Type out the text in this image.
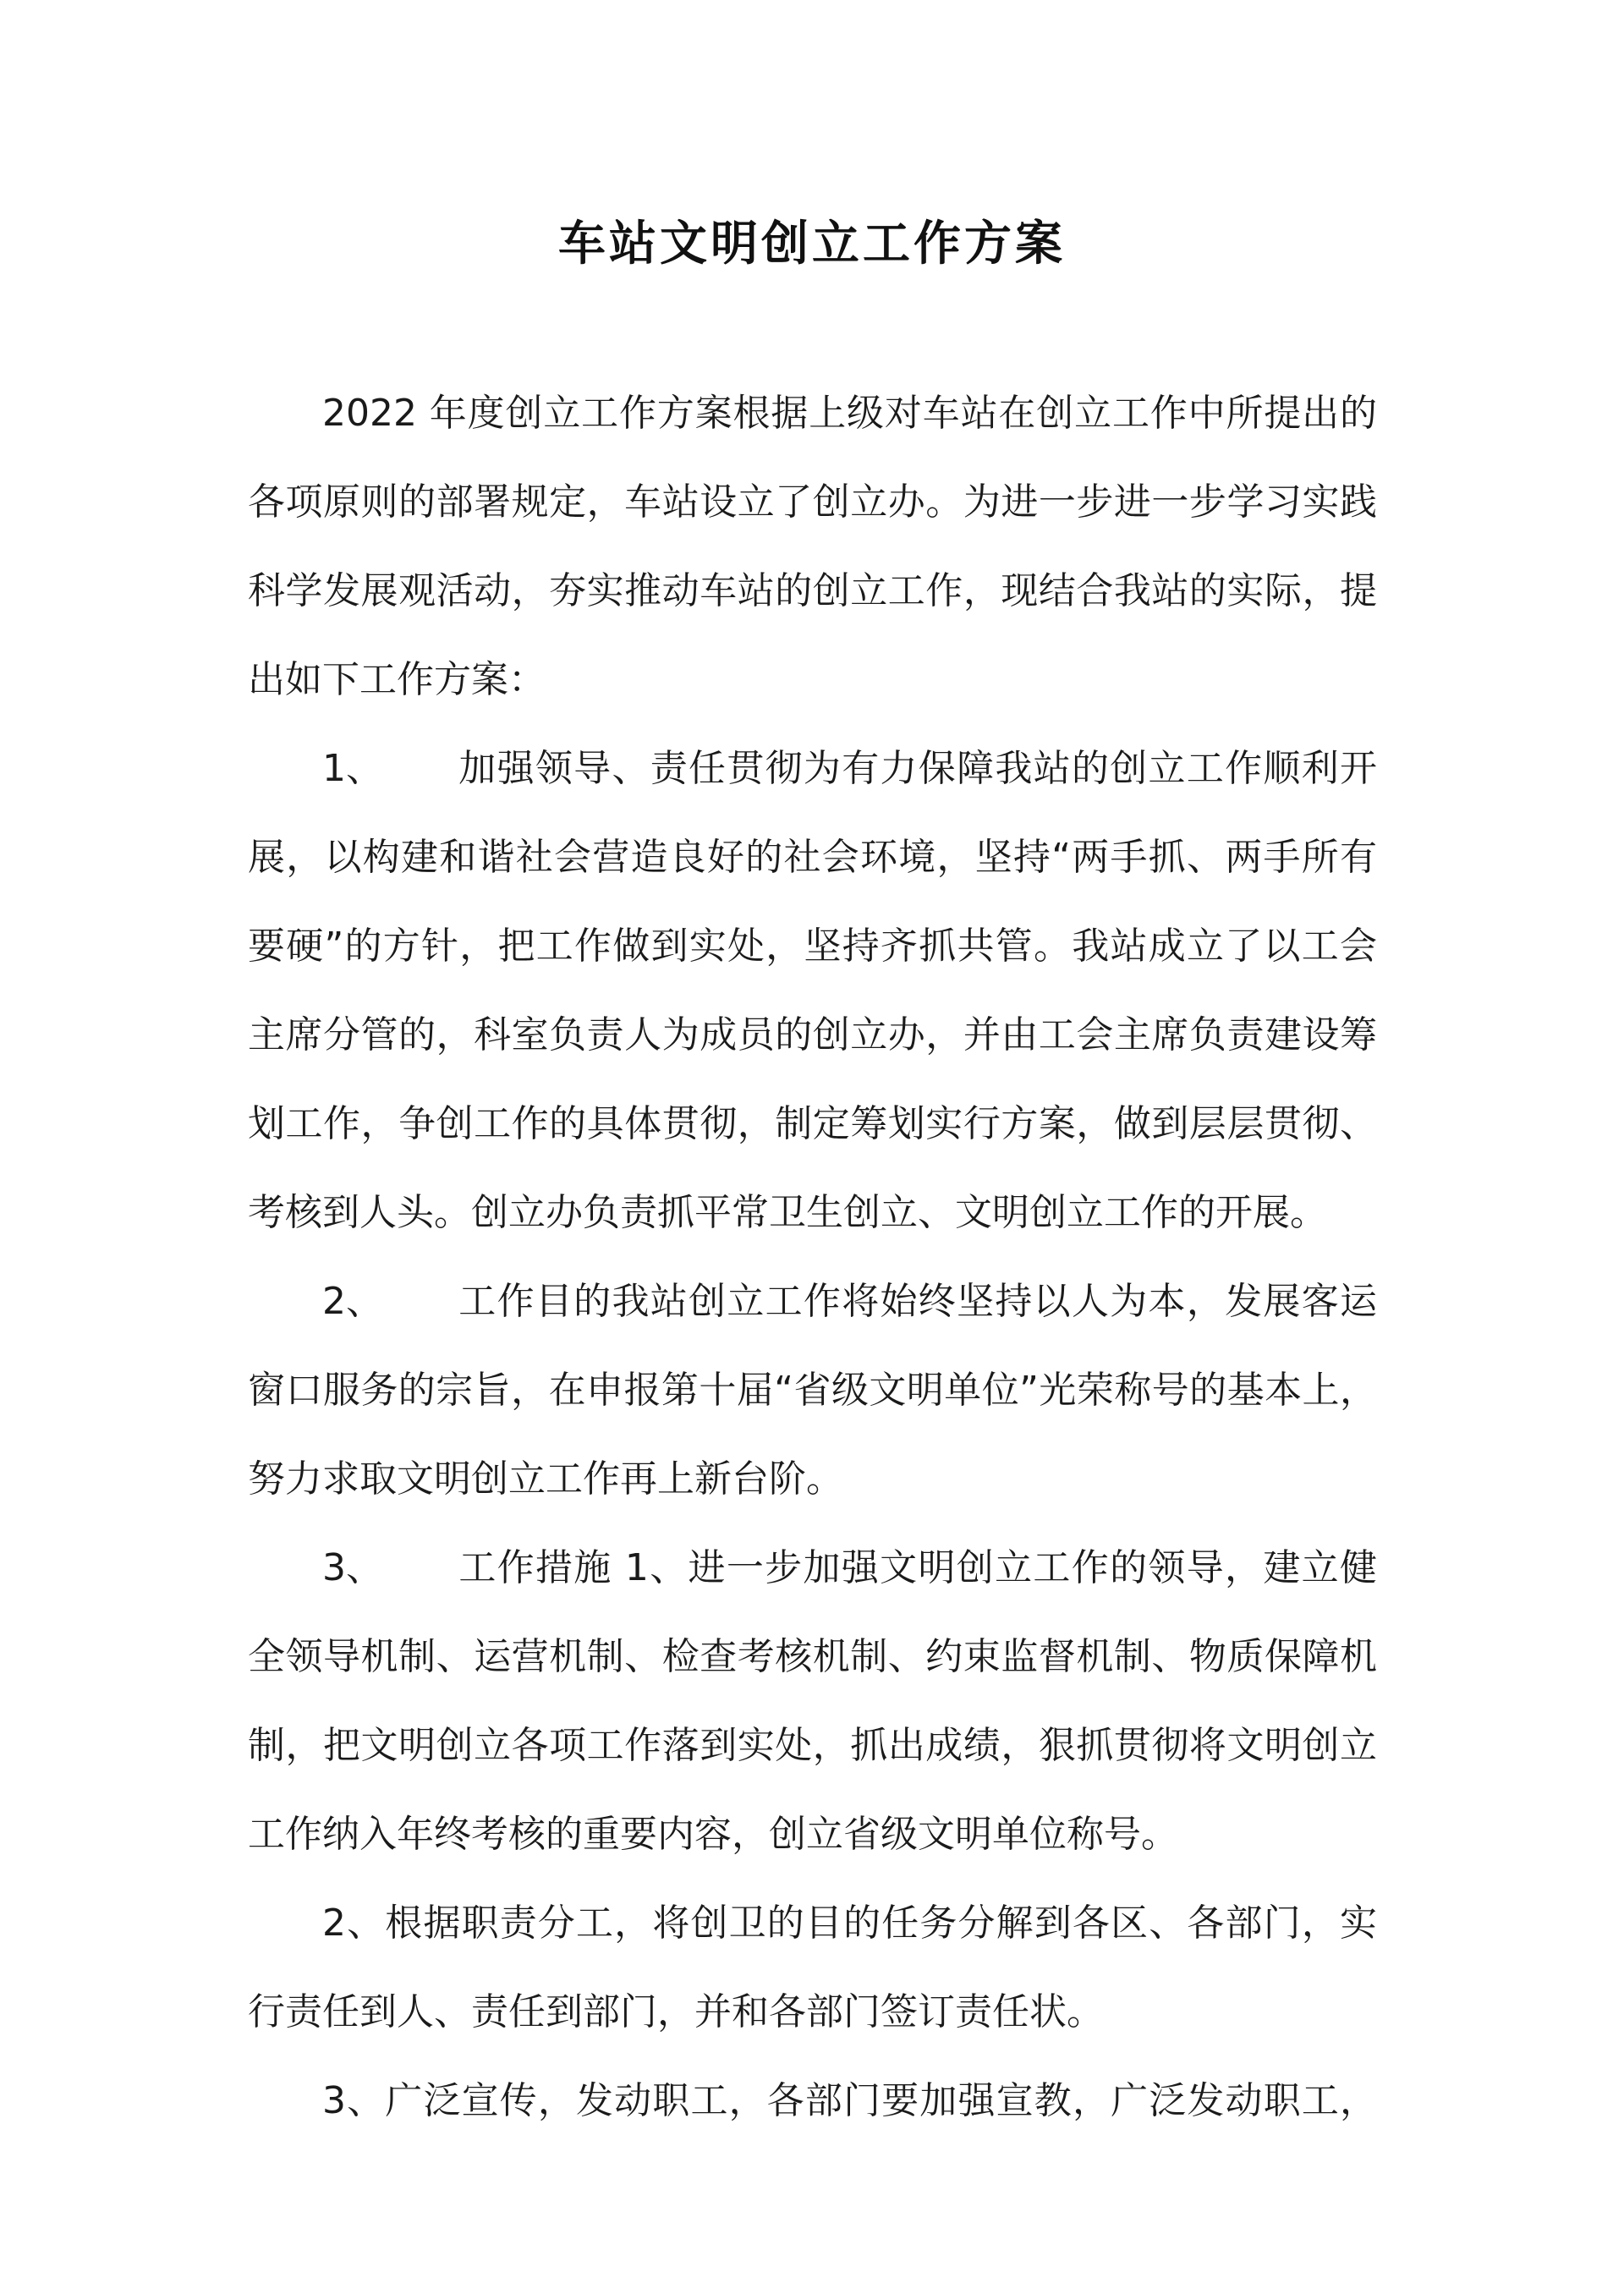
车站文明创立工作方案
2022 年度创立工作方案根据上级对车站在创立工作中所提出的
各项原则的部署规定，车站设立了创立办。为进一步进一步学习实践
科学发展观活动，夯实推动车站的创立工作，现结合我站的实际，提
出如下工作方案：
1、 加强领导、责任贯彻为有力保障我站的创立工作顺利开
展，以构建和谐社会营造良好的社会环境，坚持“两手抓、两手所有
要硬”的方针，把工作做到实处，坚持齐抓共管。我站成立了以工会
主席分管的，科室负责人为成员的创立办，并由工会主席负责建设筹
划工作，争创工作的具体贯彻，制定筹划实行方案，做到层层贯彻、
考核到人头。创立办负责抓平常卫生创立、文明创立工作的开展。
2、 工作目的我站创立工作将始终坚持以人为本，发展客运
窗口服务的宗旨，在申报第十届“省级文明单位”光荣称号的基本上，
努力求取文明创立工作再上新台阶。
3、 工作措施 1、进一步加强文明创立工作的领导，建立健
全领导机制、运营机制、检查考核机制、约束监督机制、物质保障机
制，把文明创立各项工作落到实处，抓出成绩，狠抓贯彻将文明创立
工作纳入年终考核的重要内容，创立省级文明单位称号。
2、根据职责分工，将创卫的目的任务分解到各区、各部门，实
行责任到人、责任到部门，并和各部门签订责任状。
3、广泛宣传，发动职工，各部门要加强宣教，广泛发动职工，
